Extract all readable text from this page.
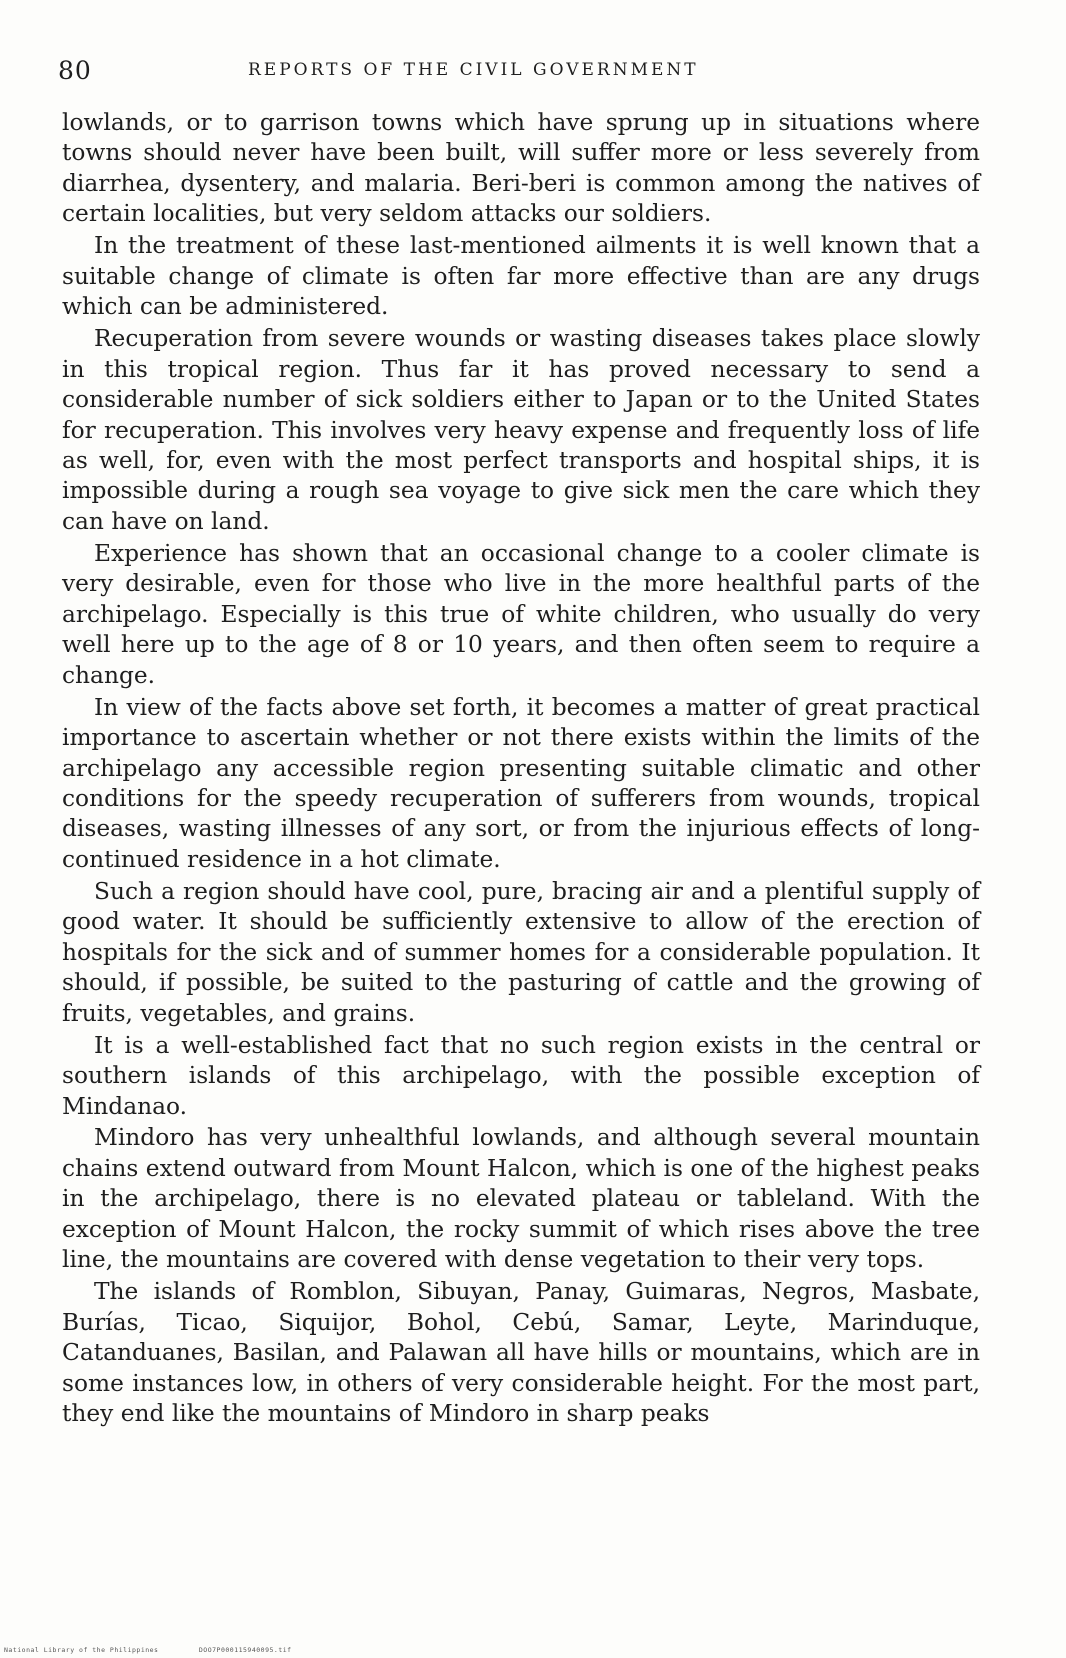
80	REPORTS OF THE CIVIL GOVERNMENT

lowlands, or to garrison towns which have sprung up in situations where towns should never have been built, will suffer more or less severely from diarrhea, dysentery, and malaria. Beri-beri is common among the natives of certain localities, but very seldom attacks our soldiers.

In the treatment of these last-mentioned ailments it is well known that a suitable change of climate is often far more effective than are any drugs which can be administered.

Recuperation from severe wounds or wasting diseases takes place slowly in this tropical region. Thus far it has proved necessary to send a considerable number of sick soldiers either to Japan or to the United States for recuperation. This involves very heavy expense and frequently loss of life as well, for, even with the most perfect transports and hospital ships, it is impossible during a rough sea voyage to give sick men the care which they can have on land.

Experience has shown that an occasional change to a cooler climate is very desirable, even for those who live in the more healthful parts of the archipelago. Especially is this true of white children, who usually do very well here up to the age of 8 or 10 years, and then often seem to require a change.

In view of the facts above set forth, it becomes a matter of great practical importance to ascertain whether or not there exists within the limits of the archipelago any accessible region presenting suitable climatic and other conditions for the speedy recuperation of sufferers from wounds, tropical diseases, wasting illnesses of any sort, or from the injurious effects of long-continued residence in a hot climate.

Such a region should have cool, pure, bracing air and a plentiful supply of good water. It should be sufficiently extensive to allow of the erection of hospitals for the sick and of summer homes for a considerable population. It should, if possible, be suited to the pasturing of cattle and the growing of fruits, vegetables, and grains.

It is a well-established fact that no such region exists in the central or southern islands of this archipelago, with the possible exception of Mindanao.

Mindoro has very unhealthful lowlands, and although several mountain chains extend outward from Mount Halcon, which is one of the highest peaks in the archipelago, there is no elevated plateau or tableland. With the exception of Mount Halcon, the rocky summit of which rises above the tree line, the mountains are covered with dense vegetation to their very tops.

The islands of Romblon, Sibuyan, Panay, Guimaras, Negros, Masbate, Burías, Ticao, Siquijor, Bohol, Cebú, Samar, Leyte, Marinduque, Catanduanes, Basilan, and Palawan all have hills or mountains, which are in some instances low, in others of very considerable height. For the most part, they end like the mountains of Mindoro in sharp peaks

National Library of the Philippines	DOO7P000115940095.tif
